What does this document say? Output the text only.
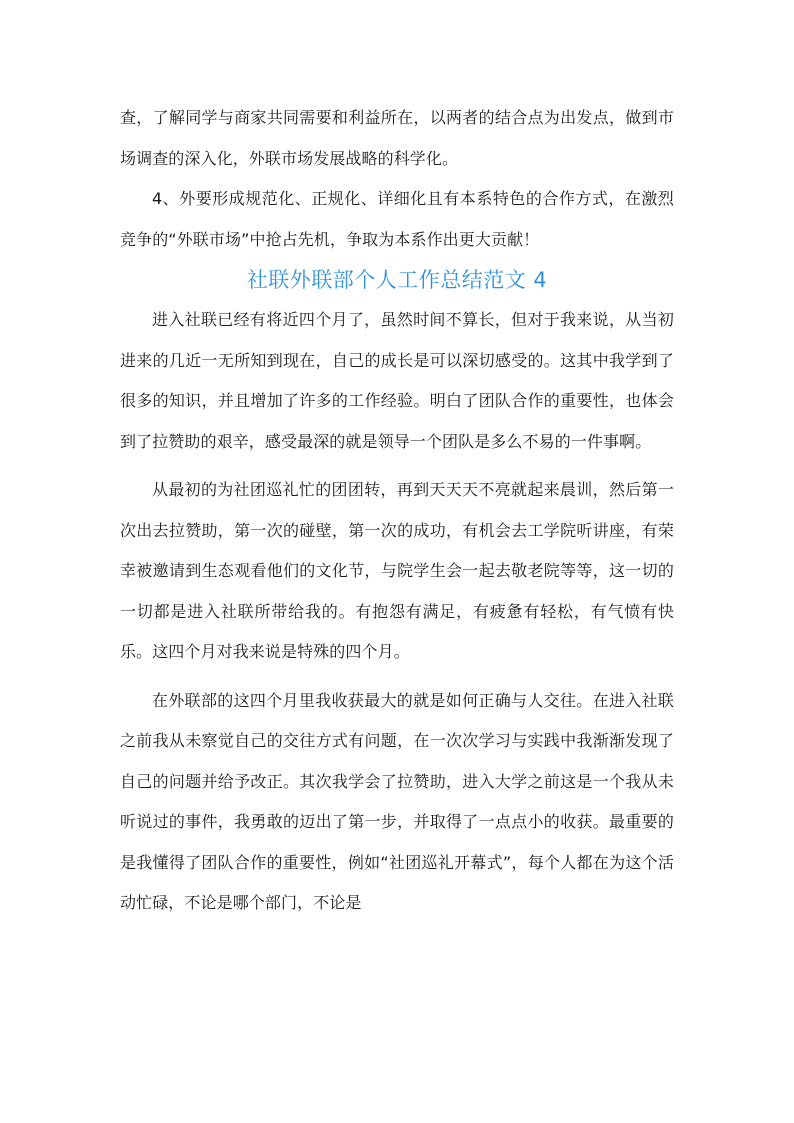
查，了解同学与商家共同需要和利益所在，以两者的结合点为出发点，做到市场调查的深入化，外联市场发展战略的科学化。

4、外要形成规范化、正规化、详细化且有本系特色的合作方式，在激烈竞争的“外联市场”中抢占先机，争取为本系作出更大贡献！

社联外联部个人工作总结范文 4

进入社联已经有将近四个月了，虽然时间不算长，但对于我来说，从当初进来的几近一无所知到现在，自己的成长是可以深切感受的。这其中我学到了很多的知识，并且增加了许多的工作经验。明白了团队合作的重要性，也体会到了拉赞助的艰辛，感受最深的就是领导一个团队是多么不易的一件事啊。

从最初的为社团巡礼忙的团团转，再到天天天不亮就起来晨训，然后第一次出去拉赞助，第一次的碰壁，第一次的成功，有机会去工学院听讲座，有荣幸被邀请到生态观看他们的文化节，与院学生会一起去敬老院等等，这一切的一切都是进入社联所带给我的。有抱怨有满足，有疲惫有轻松，有气愤有快乐。这四个月对我来说是特殊的四个月。

在外联部的这四个月里我收获最大的就是如何正确与人交往。在进入社联之前我从未察觉自己的交往方式有问题，在一次次学习与实践中我渐渐发现了自己的问题并给予改正。其次我学会了拉赞助，进入大学之前这是一个我从未听说过的事件，我勇敢的迈出了第一步，并取得了一点点小的收获。最重要的是我懂得了团队合作的重要性，例如“社团巡礼开幕式”，每个人都在为这个活动忙碌，不论是哪个部门，不论是
